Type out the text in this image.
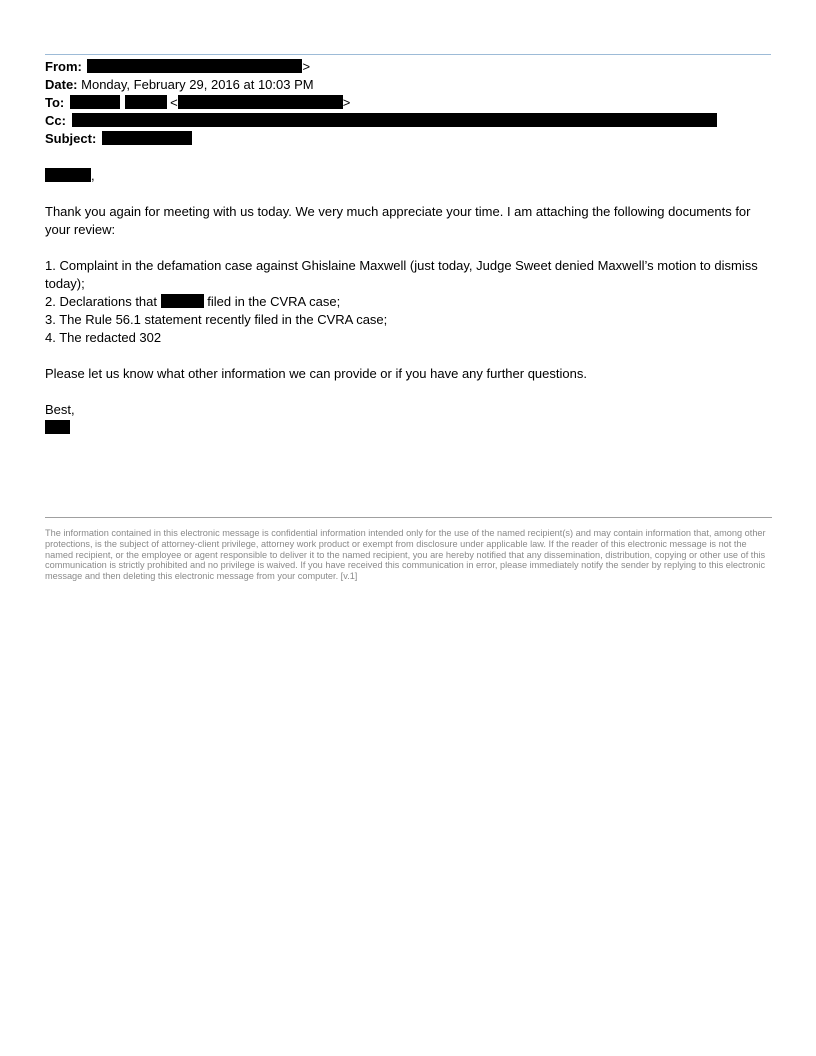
From:	>
Date: Monday, February 29, 2016 at 10:03 PM
To:	<	>
Cc:
Subject:

,

Thank you again for meeting with us today. We very much appreciate your time. I am attaching the following documents for your review:

1. Complaint in the defamation case against Ghislaine Maxwell (just today, Judge Sweet denied Maxwell’s motion to dismiss today);

2. Declarations that	filed in the CVRA case;

3. The Rule 56.1 statement recently filed in the CVRA case;

4. The redacted 302

Please let us know what other information we can provide or if you have any further questions.

Best,

The information contained in this electronic message is confidential information intended only for the use of the named recipient(s) and may contain information that, among other protections, is the subject of attorney-client privilege, attorney work product or exempt from disclosure under applicable law. If the reader of this electronic message is not the named recipient, or the employee or agent responsible to deliver it to the named recipient, you are hereby notified that any dissemination, distribution, copying or other use of this communication is strictly prohibited and no privilege is waived. If you have received this communication in error, please immediately notify the sender by replying to this electronic message and then deleting this electronic message from your computer. [v.1]
